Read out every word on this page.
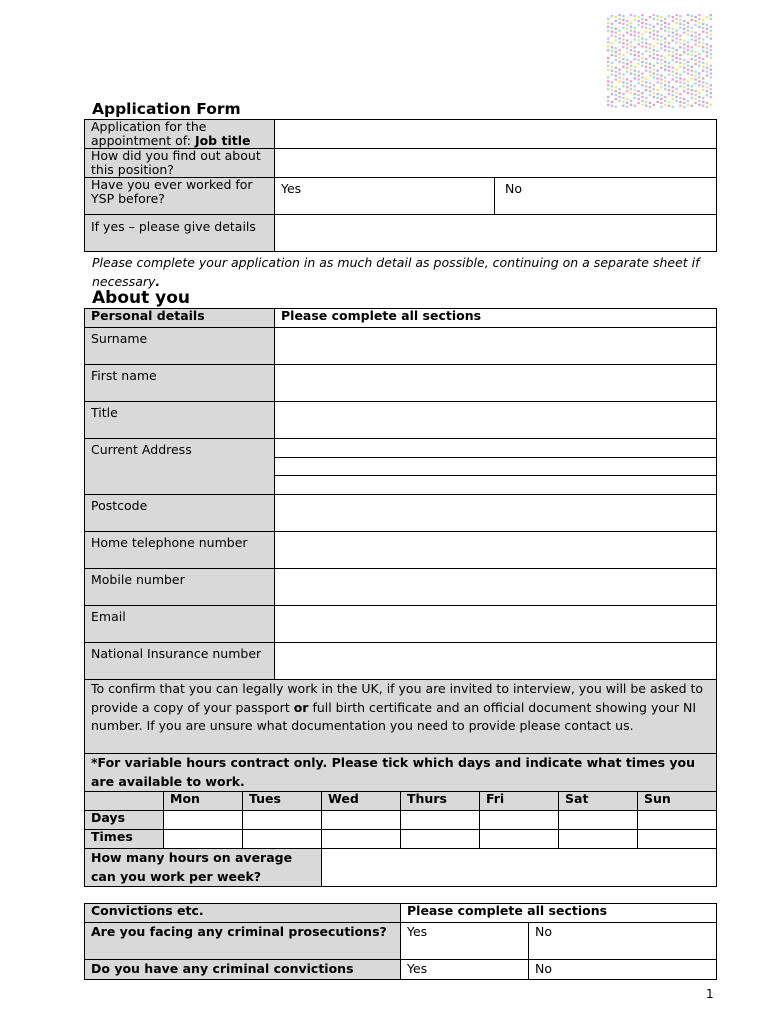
Application Form
Application for the appointment of: Job title		
How did you find out about this position?		
Have you ever worked for YSP before?	Yes	No
If yes – please give details		
Please complete your application in as much detail as possible, continuing on a separate sheet if necessary.
About you
Personal details			Please complete all sections					
Surname								
First name								
Title								
Current Address								

Postcode								
Home telephone number								
Mobile number								
Email								
National Insurance number								
To confirm that you can legally work in the UK, if you are invited to interview, you will be asked to provide a copy of your passport or full birth certificate and an official document showing your NI number. If you are unsure what documentation you need to provide please contact us.								
*For variable hours contract only. Please tick which days and indicate what times you are available to work.								
	Mon	Tues		Wed	Thurs	Fri	Sat	Sun
Days								
Times								
How many hours on average can you work per week?								
Convictions etc.	Please complete all sections	
Are you facing any criminal prosecutions?	Yes	No
Do you have any criminal convictions	Yes	No
1
